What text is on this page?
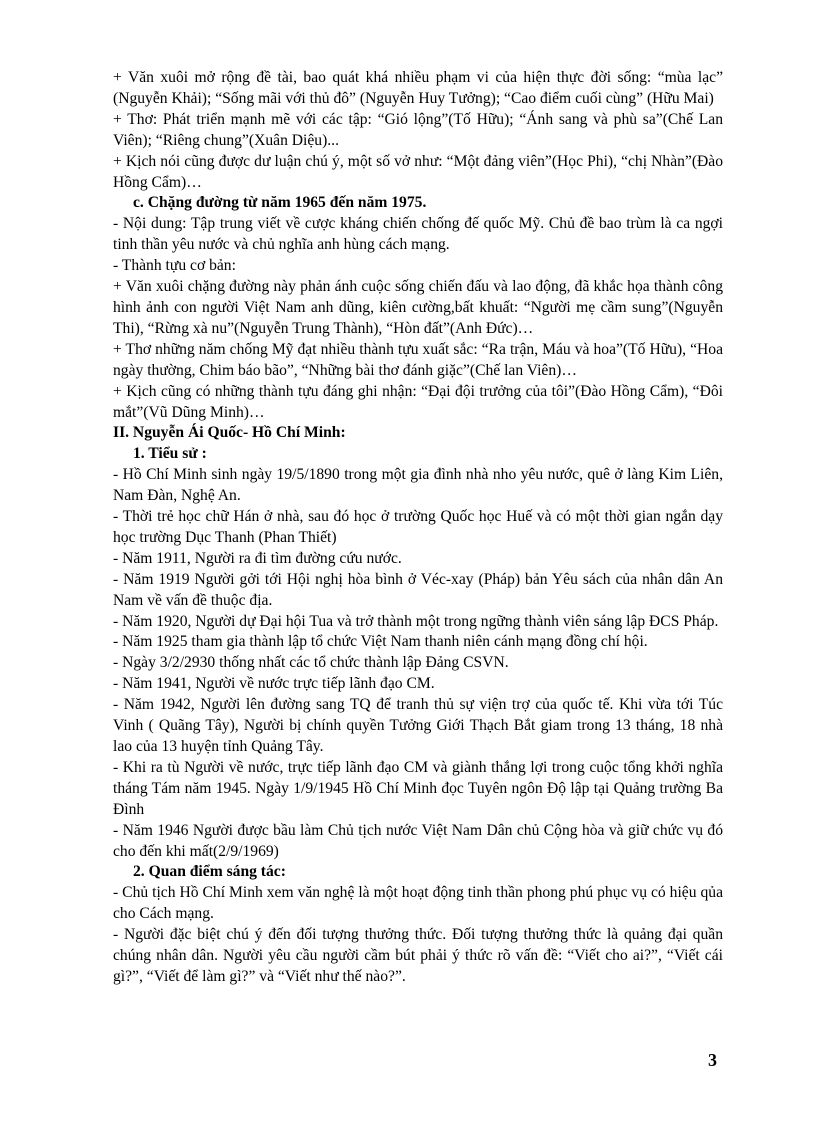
+ Văn xuôi mở rộng đề tài, bao quát khá nhiều phạm vi của hiện thực đời sống: “mùa lạc” (Nguyễn Khải); “Sống mãi với thủ đô” (Nguyễn Huy Tưởng); “Cao điểm cuối cùng” (Hữu Mai)

+ Thơ: Phát triển mạnh mẽ với các tập: “Gió lộng”(Tố Hữu); “Ánh sang và phù sa”(Chế Lan Viên); “Riêng chung”(Xuân Diệu)...

+ Kịch nói cũng được dư luận chú ý, một số vở như: “Một đảng viên”(Học Phi), “chị Nhàn”(Đào Hồng Cẩm)…

c. Chặng đường từ năm 1965 đến năm 1975.

- Nội dung: Tập trung viết về cược kháng chiến chống đế quốc Mỹ. Chủ đề bao trùm là ca ngợi tinh thần yêu nước và chủ nghĩa anh hùng cách mạng.

- Thành tựu cơ bản:

+ Văn xuôi chặng đường này phản ánh cuộc sống chiến đấu và lao động, đã khắc họa thành công hình ảnh con người Việt Nam anh dũng, kiên cường,bất khuất: “Người mẹ cầm sung”(Nguyễn Thi), “Rừng xà nu”(Nguyễn Trung Thành), “Hòn đất”(Anh Đức)…

+ Thơ những năm chống Mỹ đạt nhiều thành tựu xuất sắc: “Ra trận, Máu và hoa”(Tố Hữu), “Hoa ngày thường, Chim báo bão”, “Những bài thơ đánh giặc”(Chế lan Viên)…

+ Kịch cũng có những thành tựu đáng ghi nhận: “Đại đội trưởng của tôi”(Đào Hồng Cẩm), “Đôi mắt”(Vũ Dũng Minh)…

II. Nguyễn Ái Quốc- Hồ Chí Minh:

1. Tiểu sử :

- Hồ Chí Minh sinh ngày 19/5/1890 trong một gia đình nhà nho yêu nước, quê ở làng Kim Liên, Nam Đàn, Nghệ An.

- Thời trẻ học chữ Hán ở nhà, sau đó học ở trường Quốc học Huế và có một thời gian ngắn dạy học trường Dục Thanh (Phan Thiết)

- Năm 1911, Người ra đi tìm đường cứu nước.

- Năm 1919 Người gởi tới Hội nghị hòa bình ở Véc-xay (Pháp) bản Yêu sách của nhân dân An Nam về vấn đề thuộc địa.

- Năm 1920, Người dự Đại hội Tua và trở thành một trong ngững thành viên sáng lập ĐCS Pháp.

- Năm 1925 tham gia thành lập tổ chức Việt Nam thanh niên cánh mạng đồng chí hội.

- Ngày 3/2/2930 thống nhất các tổ chức thành lập Đảng CSVN.

- Năm 1941, Người về nước trực tiếp lãnh đạo CM.

- Năm 1942, Người lên đường sang TQ để tranh thủ sự viện trợ của quốc tế. Khi vừa tới Túc Vinh ( Quãng Tây), Người bị chính quyền Tưởng Giới Thạch Bắt giam trong 13 tháng, 18 nhà lao của 13 huyện tỉnh Quảng Tây.

- Khi ra tù Người về nước, trực tiếp lãnh đạo CM và giành thắng lợi trong cuộc tổng khởi nghĩa tháng Tám năm 1945. Ngày 1/9/1945 Hồ Chí Minh đọc Tuyên ngôn Độ lập tại Quảng trường Ba Đình

- Năm 1946 Người được bầu làm Chủ tịch nước Việt Nam Dân chủ Cộng hòa và giữ chức vụ đó cho đến khi mất(2/9/1969)

2. Quan điểm sáng tác:

- Chủ tịch Hồ Chí Minh xem văn nghệ là một hoạt động tinh thần phong phú phục vụ có hiệu qủa cho Cách mạng.

- Người đặc biệt chú ý đến đối tượng thưởng thức. Đối tượng thưởng thức là quảng đại quần chúng nhân dân. Người yêu cầu người cầm bút phải ý thức rõ vấn đề: “Viết cho ai?”, “Viết cái gì?”, “Viết để làm gì?” và “Viết như thế nào?”.

3
